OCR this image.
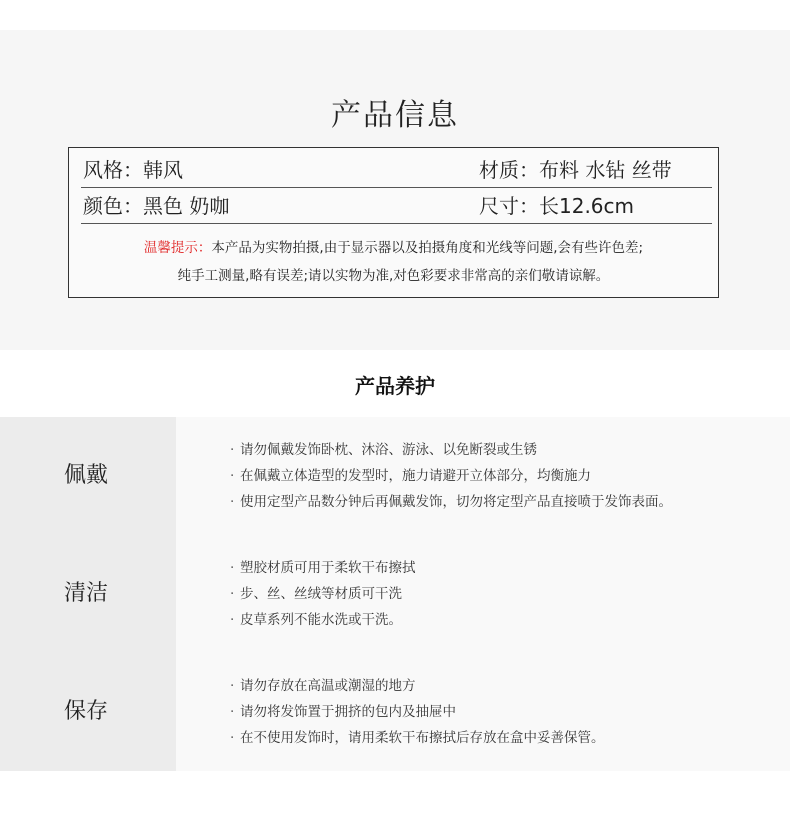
产品信息
风格：韩风	材质：布料 水钻 丝带
颜色：黑色 奶咖	尺寸：长12.6cm
温馨提示：本产品为实物拍摄,由于显示器以及拍摄角度和光线等问题,会有些许色差;
纯手工测量,略有误差;请以实物为准,对色彩要求非常高的亲们敬请谅解。
产品养护
佩戴
· 请勿佩戴发饰卧枕、沐浴、游泳、以免断裂或生锈
· 在佩戴立体造型的发型时，施力请避开立体部分，均衡施力
· 使用定型产品数分钟后再佩戴发饰，切勿将定型产品直接喷于发饰表面。
清洁
· 塑胶材质可用于柔软干布擦拭
· 步、丝、丝绒等材质可干洗
· 皮草系列不能水洗或干洗。
保存
· 请勿存放在高温或潮湿的地方
· 请勿将发饰置于拥挤的包内及抽屉中
· 在不使用发饰时，请用柔软干布擦拭后存放在盒中妥善保管。
